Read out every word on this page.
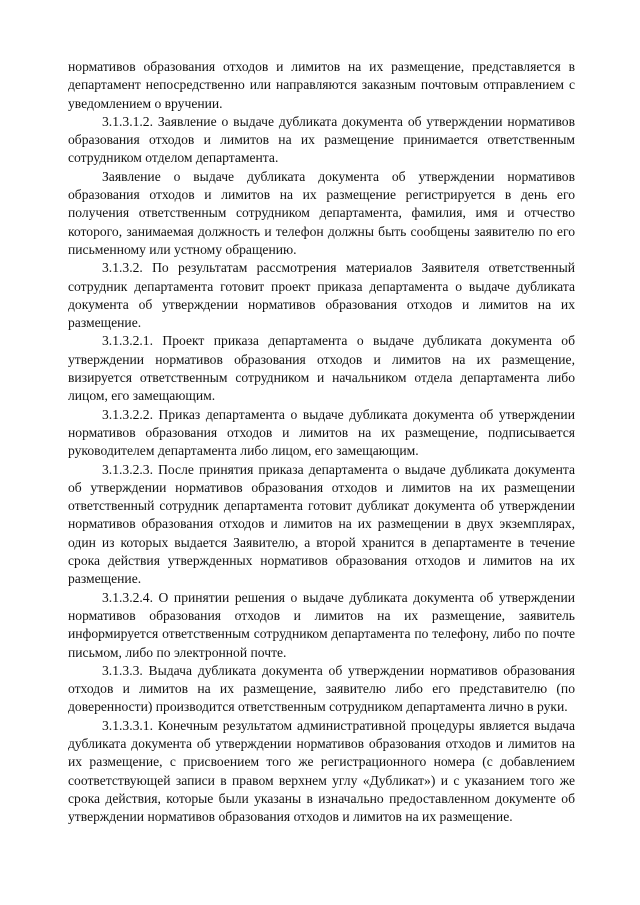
нормативов образования отходов и лимитов на их размещение, представляется в департамент непосредственно или направляются заказным почтовым отправлением с уведомлением о вручении.

3.1.3.1.2. Заявление о выдаче дубликата документа об утверждении нормативов образования отходов и лимитов на их размещение принимается ответственным сотрудником отделом департамента.

Заявление о выдаче дубликата документа об утверждении нормативов образования отходов и лимитов на их размещение регистрируется в день его получения ответственным сотрудником департамента, фамилия, имя и отчество которого, занимаемая должность и телефон должны быть сообщены заявителю по его письменному или устному обращению.

3.1.3.2. По результатам рассмотрения материалов Заявителя ответственный сотрудник департамента готовит проект приказа департамента о выдаче дубликата документа об утверждении нормативов образования отходов и лимитов на их размещение.

3.1.3.2.1. Проект приказа департамента о выдаче дубликата документа об утверждении нормативов образования отходов и лимитов на их размещение, визируется ответственным сотрудником и начальником отдела департамента либо лицом, его замещающим.

3.1.3.2.2. Приказ департамента о выдаче дубликата документа об утверждении нормативов образования отходов и лимитов на их размещение, подписывается руководителем департамента либо лицом, его замещающим.

3.1.3.2.3. После принятия приказа департамента о выдаче дубликата документа об утверждении нормативов образования отходов и лимитов на их размещении ответственный сотрудник департамента готовит дубликат документа об утверждении нормативов образования отходов и лимитов на их размещении в двух экземплярах, один из которых выдается Заявителю, а второй хранится в департаменте в течение срока действия утвержденных нормативов образования отходов и лимитов на их размещение.

3.1.3.2.4. О принятии решения о выдаче дубликата документа об утверждении нормативов образования отходов и лимитов на их размещение, заявитель информируется ответственным сотрудником департамента по телефону, либо по почте письмом, либо по электронной почте.

3.1.3.3. Выдача дубликата документа об утверждении нормативов образования отходов и лимитов на их размещение, заявителю либо его представителю (по доверенности) производится ответственным сотрудником департамента лично в руки.

3.1.3.3.1. Конечным результатом административной процедуры является выдача дубликата документа об утверждении нормативов образования отходов и лимитов на их размещение, с присвоением того же регистрационного номера (с добавлением соответствующей записи в правом верхнем углу «Дубликат») и с указанием того же срока действия, которые были указаны в изначально предоставленном документе об утверждении нормативов образования отходов и лимитов на их размещение.
